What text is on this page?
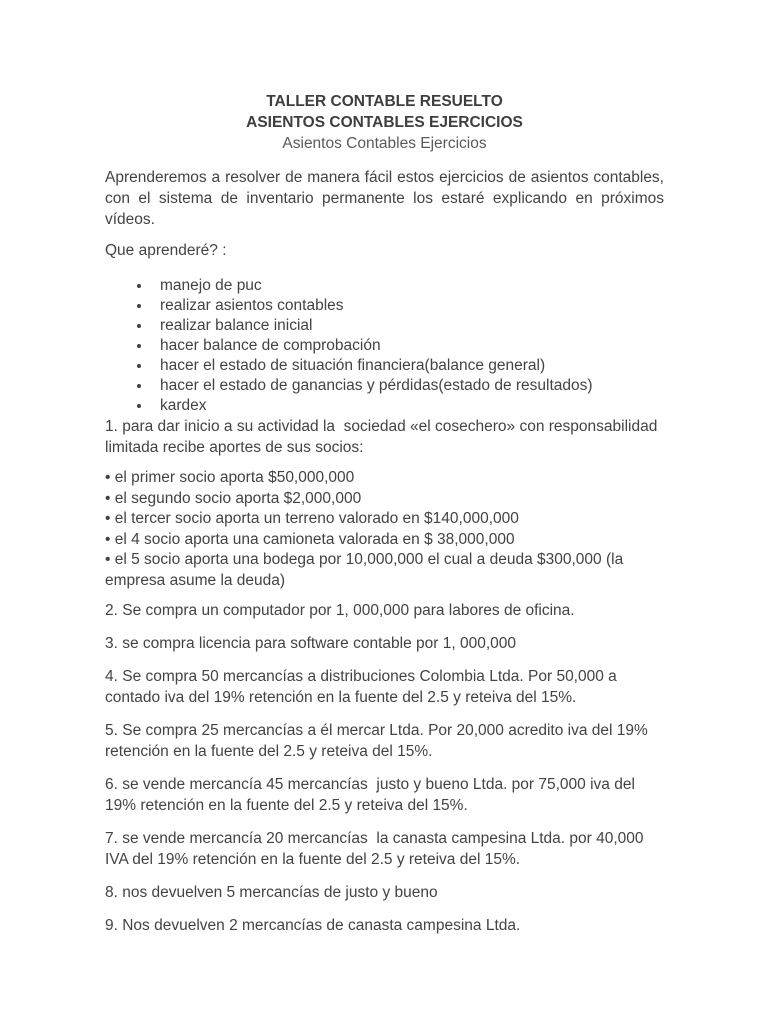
TALLER CONTABLE RESUELTO
ASIENTOS CONTABLES EJERCICIOS
Asientos Contables Ejercicios

Aprenderemos a resolver de manera fácil estos ejercicios de asientos contables, con el sistema de inventario permanente los estaré explicando en próximos vídeos.

Que aprenderé? :

• manejo de puc
• realizar asientos contables
• realizar balance inicial
• hacer balance de comprobación
• hacer el estado de situación financiera(balance general)
• hacer el estado de ganancias y pérdidas(estado de resultados)
• kardex

1. para dar inicio a su actividad la  sociedad «el cosechero» con responsabilidad limitada recibe aportes de sus socios:

• el primer socio aporta $50,000,000
• el segundo socio aporta $2,000,000
• el tercer socio aporta un terreno valorado en $140,000,000
• el 4 socio aporta una camioneta valorada en $ 38,000,000
• el 5 socio aporta una bodega por 10,000,000 el cual a deuda $300,000 (la empresa asume la deuda)

2. Se compra un computador por 1, 000,000 para labores de oficina.

3. se compra licencia para software contable por 1, 000,000

4. Se compra 50 mercancías a distribuciones Colombia Ltda. Por 50,000 a contado iva del 19% retención en la fuente del 2.5 y reteiva del 15%.

5. Se compra 25 mercancías a él mercar Ltda. Por 20,000 acredito iva del 19% retención en la fuente del 2.5 y reteiva del 15%.

6. se vende mercancía 45 mercancías  justo y bueno Ltda. por 75,000 iva del 19% retención en la fuente del 2.5 y reteiva del 15%.

7. se vende mercancía 20 mercancías  la canasta campesina Ltda. por 40,000 IVA del 19% retención en la fuente del 2.5 y reteiva del 15%.

8. nos devuelven 5 mercancías de justo y bueno

9. Nos devuelven 2 mercancías de canasta campesina Ltda.
